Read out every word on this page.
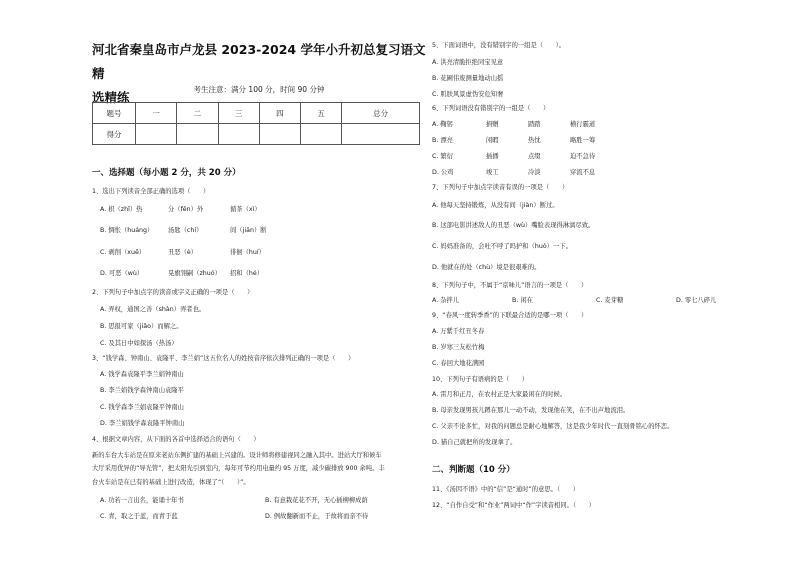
河北省秦皇岛市卢龙县 2023-2024 学年小升初总复习语文精
选精练
考生注意：满分 100 分，时间 90 分钟
题号	一	二	三	四	五	总分
得分						
一、选择题（每小题 2 分，共 20 分）
1、选出下列读音全部正确的选项（　　）
A. 枳（zhǐ）热	分（fēn）外	循茶（xì）
B. 惆怅（huáng） 汤匙（chí）	间（jiān）断
C. 剥削（xuē）	丑恶（è）	徘徊（huí）
D. 可恶（wù）	晃旗翎嗣（zhuó） 招和（hé）
2、下列句子中加点字的读音或字义正确的一项是（　　）
A. 弄权，通国之善（shàn）弄者也。
B. 思报可家（jiǎo）而解之。
C. 及其日中如探汤（热汤）
3、“钱学森、钟南山、袁隆平、李兰娟”这五位名人的姓按音序依次排列正确的一项是（　　）
A. 钱学森袁隆平李兰娟钟南山
B. 李兰娟钱学森钟南山袁隆平
C. 钱学森李兰娟袁隆平钟南山
D. 李兰娟钱学森袁隆平钟南山
4、根据文章内容，从下面的各首中选择适合的语句（　　）
新的车台大车站是在原来老站东侧扩建的基础上兴建的。设计师将修建视同之融入其中。进站大厅和候车
大厅采用优异的“导光管”，把太阳光引到室内，每年可节约用电量约 95 万度，减少碳排放 900 余吨。丰
台火车站是在已有的基础上进行改造，体现了“（　　）”。
A. 功若一言出名，能诵十年书	B. 有意栽花花不开，无心插柳柳成荫
C. 青，取之于蓝，而青于蓝	D. 例故翻新而不止，于故将而亲不待
5、下面词语中，没有错别字的一组是（　　）。
A. 洪亮清脆拒绝同宝见意
B. 花圃伟废测量地动山摇
C. 肌肤风景虚伪安危知奢
6、下列词语没有错别字的一组是（　　）
A. 鞠躬	捐赠	踏踏	横行霸道
B. 漂亮	闲暇	热忱	略胜一筹
C. 繁衍	插播	点缀	迫不急待
D. 公鸡	竣工	冷淡	穿流不息
7、下列句子中加点字读音有误的一项是（　　）
A. 他每天坚持锻炼，从没有间（jiàn）断过。
B. 这部电影讲述敌人的丑恶（wù）嘴脸表现得淋漓尽致。
C. 妈妈准备的，会吐不呼了吗护和（huò）一下。
D. 他就在的处（chù）境是很艰难的。
8、下列句子中，不属于“京味儿”语言的一项是（　　）
A. 杂拌儿	B. 闲在	C. 麦芽糖	D. 零七八碎儿
9、“春风一度转季香”的下联最合适的是哪一项（　　）
A. 万紫千红丑冬春
B. 岁寒三友松竹梅
C. 春回大地花满园
10、下列句子有语病的是（　　）
A. 雷月和正月，在农村正是大家最闲在的时候。
B. 母亲发现男孩儿蹲在那儿一动不动，发现他在笑，在不出声地流泪。
C. 父亲不论多忙，对我的问题总是耐心地解答，这是我少年时代一直刻骨铭心的怀恋。
D. 猫自己就把所的发现拿了。
二、判断题（10 分）
11、《汤因不语》中的“信”是“通时”的意思。（　　）
12、“自作自受”和“作业”两词中“作”字读音相同。（　　）
